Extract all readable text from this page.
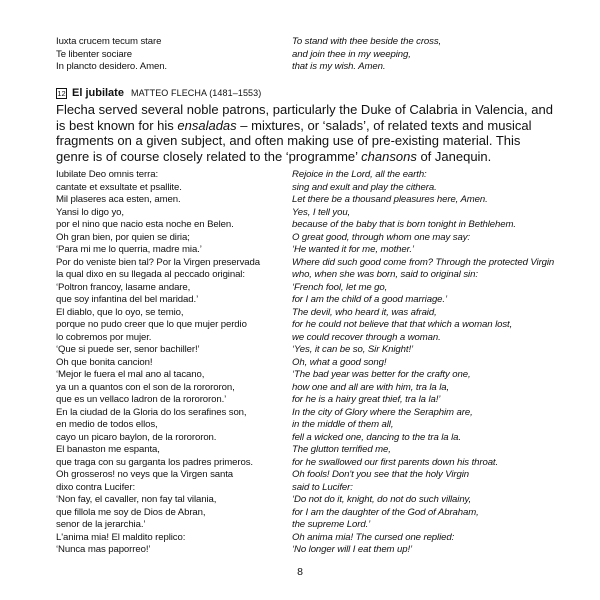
Iuxta crucem tecum stare
Te libenter sociare
In plancto desidero. Amen.
To stand with thee beside the cross,
and join thee in my weeping,
that is my wish. Amen.
12 El jubilate MATTEO FLECHA (1481–1553)
Flecha served several noble patrons, particularly the Duke of Calabria in Valencia, and is best known for his ensaladas – mixtures, or ‘salads’, of related texts and musical fragments on a given subject, and often making use of pre-existing material. This genre is of course closely related to the ‘programme’ chansons of Janequin.
Iubilate Deo omnis terra:
cantate et exsultate et psallite.
Mil plaseres aca esten, amen.
Yansi lo digo yo,
por el nino que nacio esta noche en Belen.
Oh gran bien, por quien se diria;
‘Para mi me lo querria, madre mia.’
Por do veniste bien tal? Por la Virgen preservada
la qual dixo en su llegada al peccado original:
‘Poltron francoy, lasame andare,
que soy infantina del bel maridad.’
El diablo, que lo oyo, se temio,
porque no pudo creer que lo que mujer perdio
lo cobremos por mujer.
‘Que si puede ser, senor bachiller!’
Oh que bonita cancion!
‘Mejor le fuera el mal ano al tacano,
ya un a quantos con el son de la rorororon,
que es un vellaco ladron de la rorororon.’
En la ciudad de la Gloria do los serafines son,
en medio de todos ellos,
cayo un picaro baylon, de la rorororon.
El banaston me espanta,
que traga con su garganta los padres primeros.
Oh grosseros! no veys que la Virgen santa
dixo contra Lucifer:
‘Non fay, el cavaller, non fay tal vilania,
que fillola me soy de Dios de Abran,
senor de la jerarchia.’
L'anima mia! El maldito replico:
‘Nunca mas paporreo!’
Rejoice in the Lord, all the earth:
sing and exult and play the cithera.
Let there be a thousand pleasures here, Amen.
Yes, I tell you,
because of the baby that is born tonight in Bethlehem.
O great good, through whom one may say:
‘He wanted it for me, mother.’
Where did such good come from? Through the protected Virgin
who, when she was born, said to original sin:
‘French fool, let me go,
for I am the child of a good marriage.’
The devil, who heard it, was afraid,
for he could not believe that that which a woman lost,
we could recover through a woman.
‘Yes, it can be so, Sir Knight!’
Oh, what a good song!
‘The bad year was better for the crafty one,
how one and all are with him, tra la la,
for he is a hairy great thief, tra la la!’
In the city of Glory where the Seraphim are,
in the middle of them all,
fell a wicked one, dancing to the tra la la.
The glutton terrified me,
for he swallowed our first parents down his throat.
Oh fools! Don't you see that the holy Virgin
said to Lucifer:
‘Do not do it, knight, do not do such villainy,
for I am the daughter of the God of Abraham,
the supreme Lord.’
Oh anima mia! The cursed one replied:
‘No longer will I eat them up!’
8
